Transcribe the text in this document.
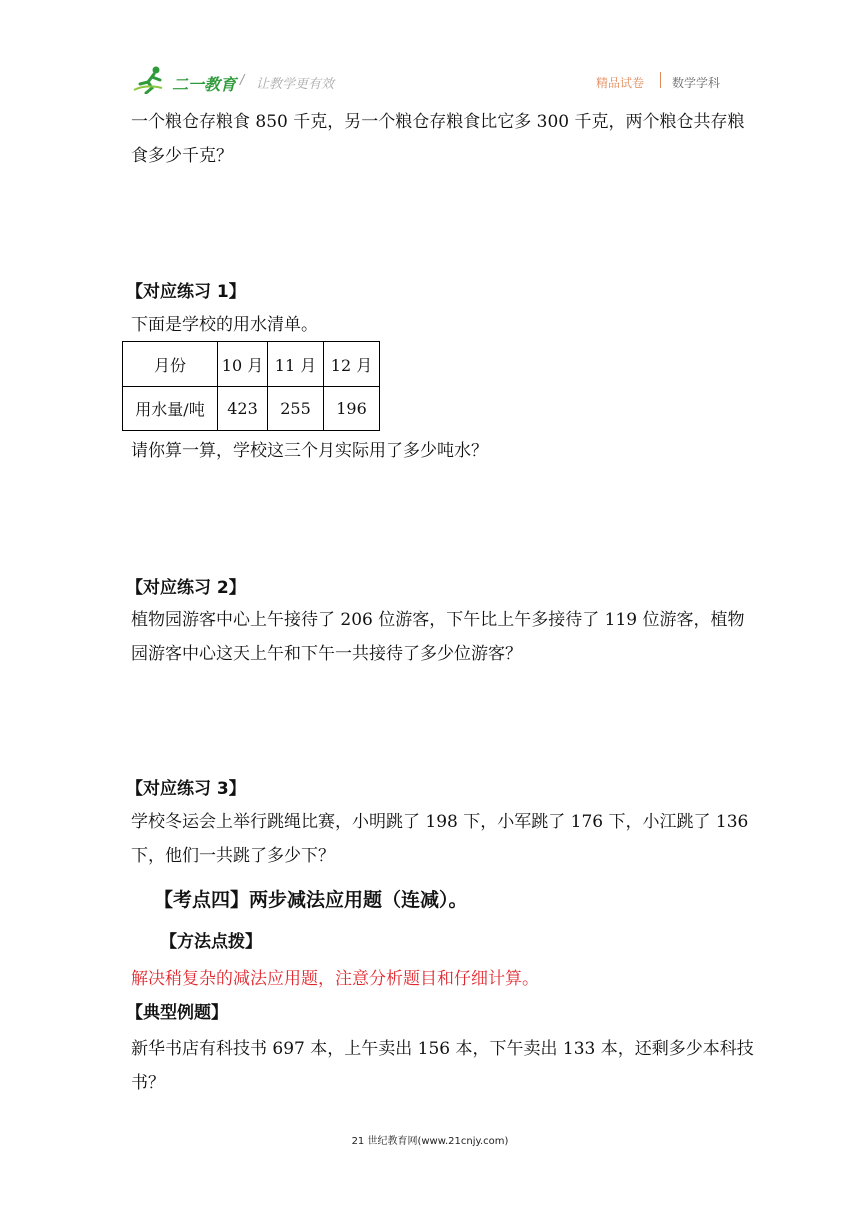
二一教育 / 让教学更有效	精品试卷 数学学科
一个粮仓存粮食 850 千克，另一个粮仓存粮食比它多 300 千克，两个粮仓共存粮
食多少千克？
【对应练习 1】
下面是学校的用水清单。
月份	10 月	11 月	12 月
用水量/吨	423	255	196
请你算一算，学校这三个月实际用了多少吨水？
【对应练习 2】
植物园游客中心上午接待了 206 位游客，下午比上午多接待了 119 位游客，植物
园游客中心这天上午和下午一共接待了多少位游客？
【对应练习 3】
学校冬运会上举行跳绳比赛，小明跳了 198 下，小军跳了 176 下，小江跳了 136
下，他们一共跳了多少下？
【考点四】两步减法应用题（连减）。
【方法点拨】
解决稍复杂的减法应用题，注意分析题目和仔细计算。
【典型例题】
新华书店有科技书 697 本，上午卖出 156 本，下午卖出 133 本，还剩多少本科技
书？
21 世纪教育网(www.21cnjy.com)
